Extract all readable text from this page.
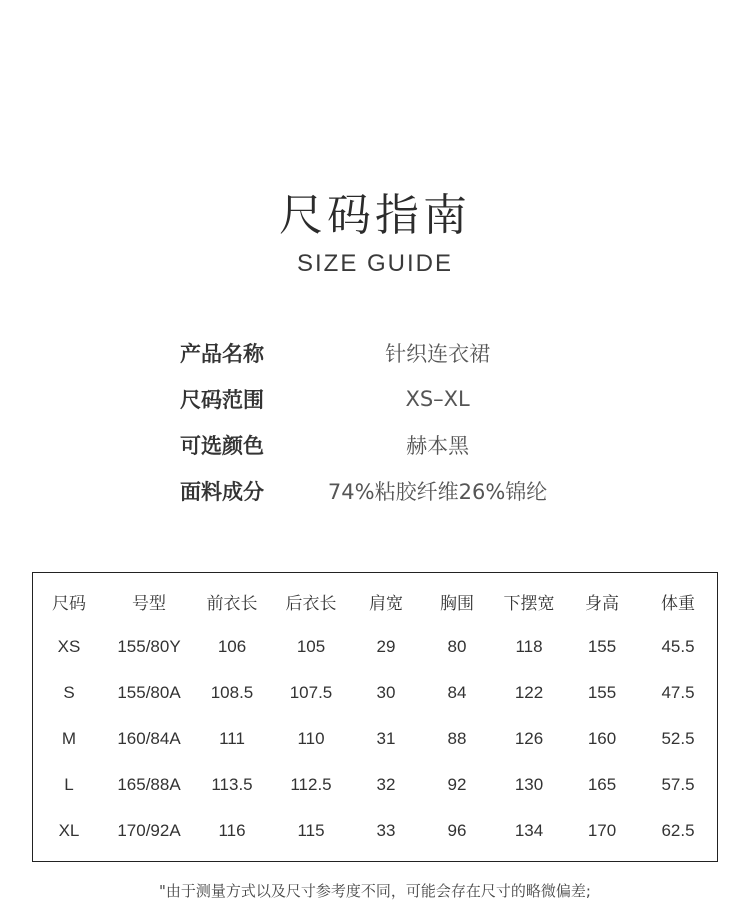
尺码指南
SIZE GUIDE
产品名称	针织连衣裙
尺码范围	XS–XL
可选颜色	赫本黑
面料成分	74%粘胶纤维26%锦纶
尺码	号型	前衣长	后衣长	肩宽	胸围	下摆宽	身高	体重
XS	155/80Y	106	105	29	80	118	155	45.5
S	155/80A	108.5	107.5	30	84	122	155	47.5
M	160/84A	111	110	31	88	126	160	52.5
L	165/88A	113.5	112.5	32	92	130	165	57.5
XL	170/92A	116	115	33	96	134	170	62.5
"由于测量方式以及尺寸参考度不同，可能会存在尺寸的略微偏差;
